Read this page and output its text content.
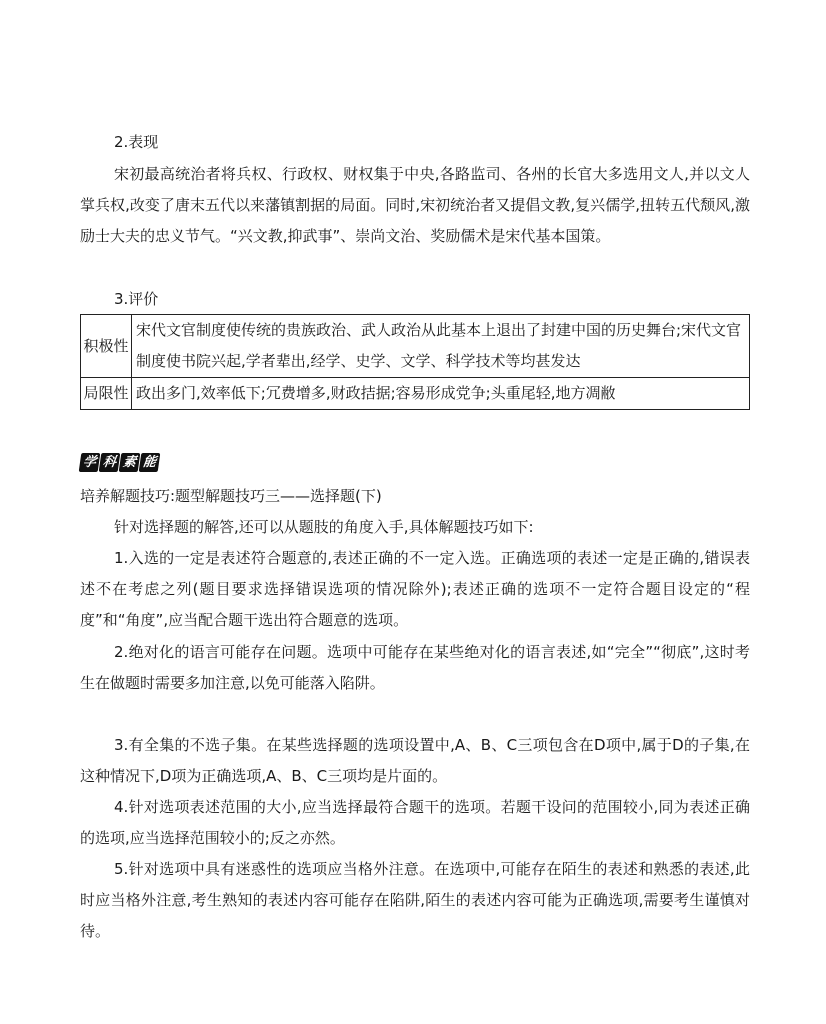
2.表现
宋初最高统治者将兵权、行政权、财权集于中央,各路监司、各州的长官大多选用文人,并以文人掌兵权,改变了唐末五代以来藩镇割据的局面。同时,宋初统治者又提倡文教,复兴儒学,扭转五代颓风,激励士大夫的忠义节气。“兴文教,抑武事”、崇尚文治、奖励儒术是宋代基本国策。
3.评价
积极性	宋代文官制度使传统的贵族政治、武人政治从此基本上退出了封建中国的历史舞台;宋代文官制度使书院兴起,学者辈出,经学、史学、文学、科学技术等均甚发达
局限性	政出多门,效率低下;冗费增多,财政拮据;容易形成党争;头重尾轻,地方凋敝
学 科 素 能
培养解题技巧:题型解题技巧三——选择题(下)
针对选择题的解答,还可以从题肢的角度入手,具体解题技巧如下:
1.入选的一定是表述符合题意的,表述正确的不一定入选。正确选项的表述一定是正确的,错误表述不在考虑之列(题目要求选择错误选项的情况除外);表述正确的选项不一定符合题目设定的“程度”和“角度”,应当配合题干选出符合题意的选项。
2.绝对化的语言可能存在问题。选项中可能存在某些绝对化的语言表述,如“完全”“彻底”,这时考生在做题时需要多加注意,以免可能落入陷阱。
3.有全集的不选子集。在某些选择题的选项设置中,A、B、C三项包含在D项中,属于D的子集,在这种情况下,D项为正确选项,A、B、C三项均是片面的。
4.针对选项表述范围的大小,应当选择最符合题干的选项。若题干设问的范围较小,同为表述正确的选项,应当选择范围较小的;反之亦然。
5.针对选项中具有迷惑性的选项应当格外注意。在选项中,可能存在陌生的表述和熟悉的表述,此时应当格外注意,考生熟知的表述内容可能存在陷阱,陌生的表述内容可能为正确选项,需要考生谨慎对待。
